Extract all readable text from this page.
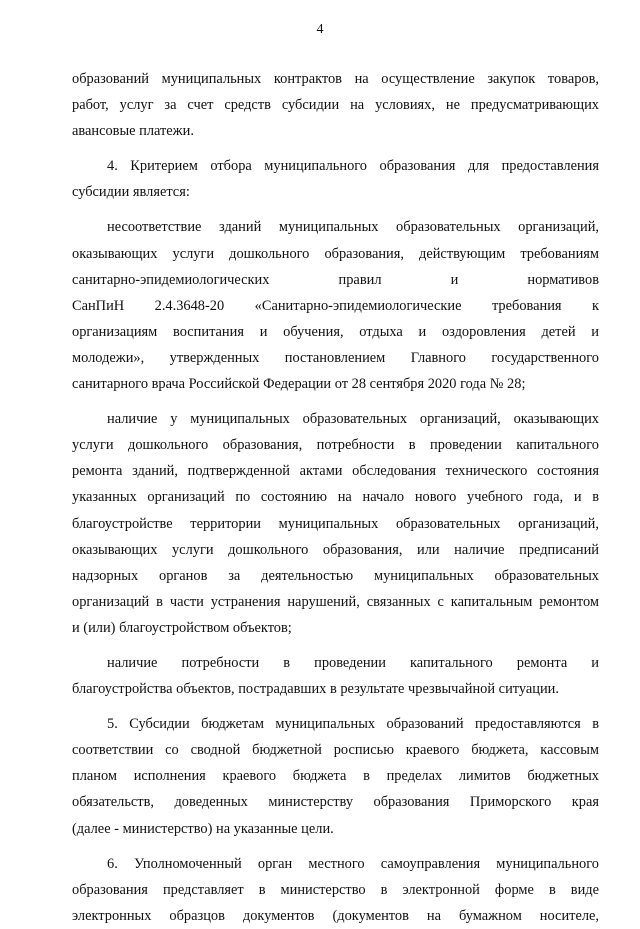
4
образований муниципальных контрактов на осуществление закупок товаров,
работ, услуг за счет средств субсидии на условиях, не предусматривающих
авансовые платежи.
4. Критерием отбора муниципального образования для предоставления
субсидии является:
несоответствие зданий муниципальных образовательных организаций,
оказывающих услуги дошкольного образования, действующим требованиям
санитарно-эпидемиологических правил и нормативов
СанПиН 2.4.3648-20 «Санитарно-эпидемиологические требования к
организациям воспитания и обучения, отдыха и оздоровления детей и
молодежи», утвержденных постановлением Главного государственного
санитарного врача Российской Федерации от 28 сентября 2020 года № 28;
наличие у муниципальных образовательных организаций, оказывающих
услуги дошкольного образования, потребности в проведении капитального
ремонта зданий, подтвержденной актами обследования технического состояния
указанных организаций по состоянию на начало нового учебного года, и в
благоустройстве территории муниципальных образовательных организаций,
оказывающих услуги дошкольного образования, или наличие предписаний
надзорных органов за деятельностью муниципальных образовательных
организаций в части устранения нарушений, связанных с капитальным ремонтом
и (или) благоустройством объектов;
наличие потребности в проведении капитального ремонта и
благоустройства объектов, пострадавших в результате чрезвычайной ситуации.
5. Субсидии бюджетам муниципальных образований предоставляются в
соответствии со сводной бюджетной росписью краевого бюджета, кассовым
планом исполнения краевого бюджета в пределах лимитов бюджетных
обязательств, доведенных министерству образования Приморского края
(далее - министерство) на указанные цели.
6. Уполномоченный орган местного самоуправления муниципального
образования представляет в министерство в электронной форме в виде
электронных образцов документов (документов на бумажном носителе,
